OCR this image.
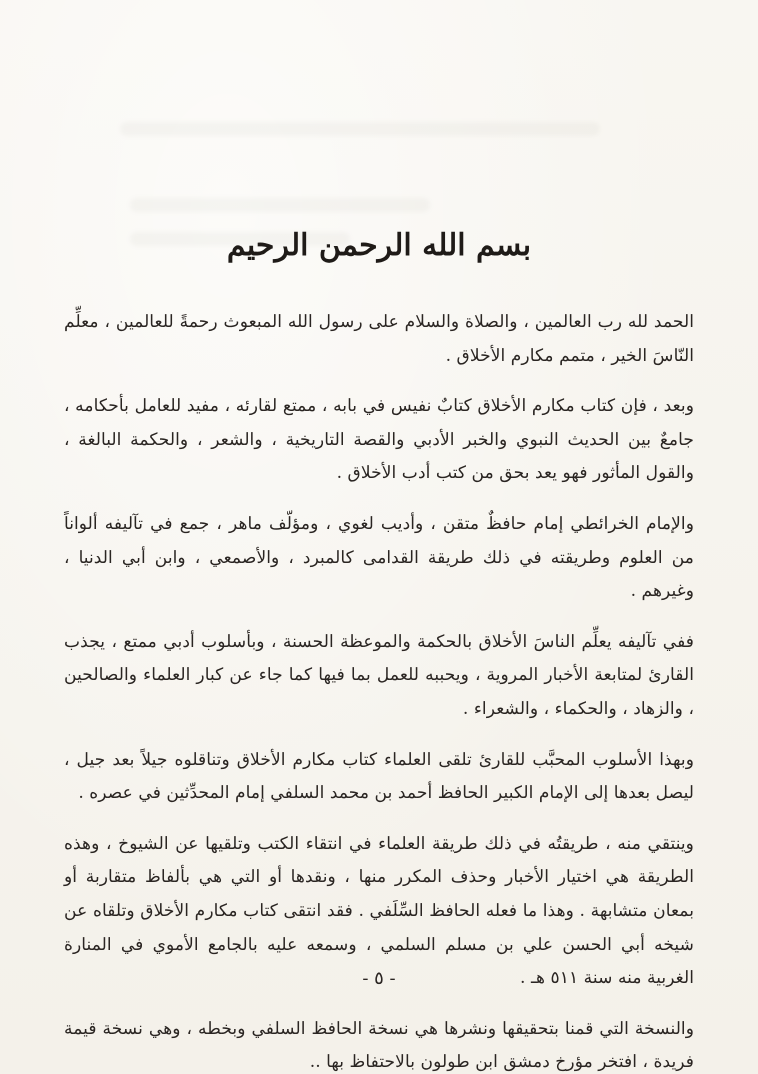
بسم الله الرحمن الرحيم

الحمد لله رب العالمين ، والصلاة والسلام على رسول الله المبعوث رحمةً للعالمين ، معلِّم النّاسَ الخير ، متمم مكارم الأخلاق .

وبعد ، فإن كتاب مكارم الأخلاق كتابٌ نفيس في بابه ، ممتع لقارئه ، مفيد للعامل بأحكامه ، جامعٌ بين الحديث النبوي والخبر الأدبي والقصة التاريخية ، والشعر ، والحكمة البالغة ، والقول المأثور فهو يعد بحق من كتب أدب الأخلاق .

والإمام الخرائطي إمام حافظٌ متقن ، وأديب لغوي ، ومؤلّف ماهر ، جمع في تآليفه ألواناً من العلوم وطريقته في ذلك طريقة القدامى كالمبرد ، والأصمعي ، وابن أبي الدنيا ، وغيرهم .

ففي تآليفه يعلِّم الناسَ الأخلاق بالحكمة والموعظة الحسنة ، وبأسلوب أدبي ممتع ، يجذب القارئ لمتابعة الأخبار المروية ، ويحببه للعمل بما فيها كما جاء عن كبار العلماء والصالحين ، والزهاد ، والحكماء ، والشعراء .

وبهذا الأسلوب المحبَّب للقارئ تلقى العلماء كتاب مكارم الأخلاق وتناقلوه جيلاً بعد جيل ، ليصل بعدها إلى الإمام الكبير الحافظ أحمد بن محمد السلفي إمام المحدِّثين في عصره .

وينتقي منه ، طريقتُه في ذلك طريقة العلماء في انتقاء الكتب وتلقيها عن الشيوخ ، وهذه الطريقة هي اختيار الأخبار وحذف المكرر منها ، ونقدها أو التي هي بألفاظ متقاربة أو بمعان متشابهة . وهذا ما فعله الحافظ السِّلَفي . فقد انتقى كتاب مكارم الأخلاق وتلقاه عن شيخه أبي الحسن علي بن مسلم السلمي ، وسمعه عليه بالجامع الأموي في المنارة الغربية منه سنة ٥١١ هـ .

والنسخة التي قمنا بتحقيقها ونشرها هي نسخة الحافظ السلفي وبخطه ، وهي نسخة قيمة فريدة ، افتخر مؤرخ دمشق ابن طولون بالاحتفاظ بها ..

- ٥ -
